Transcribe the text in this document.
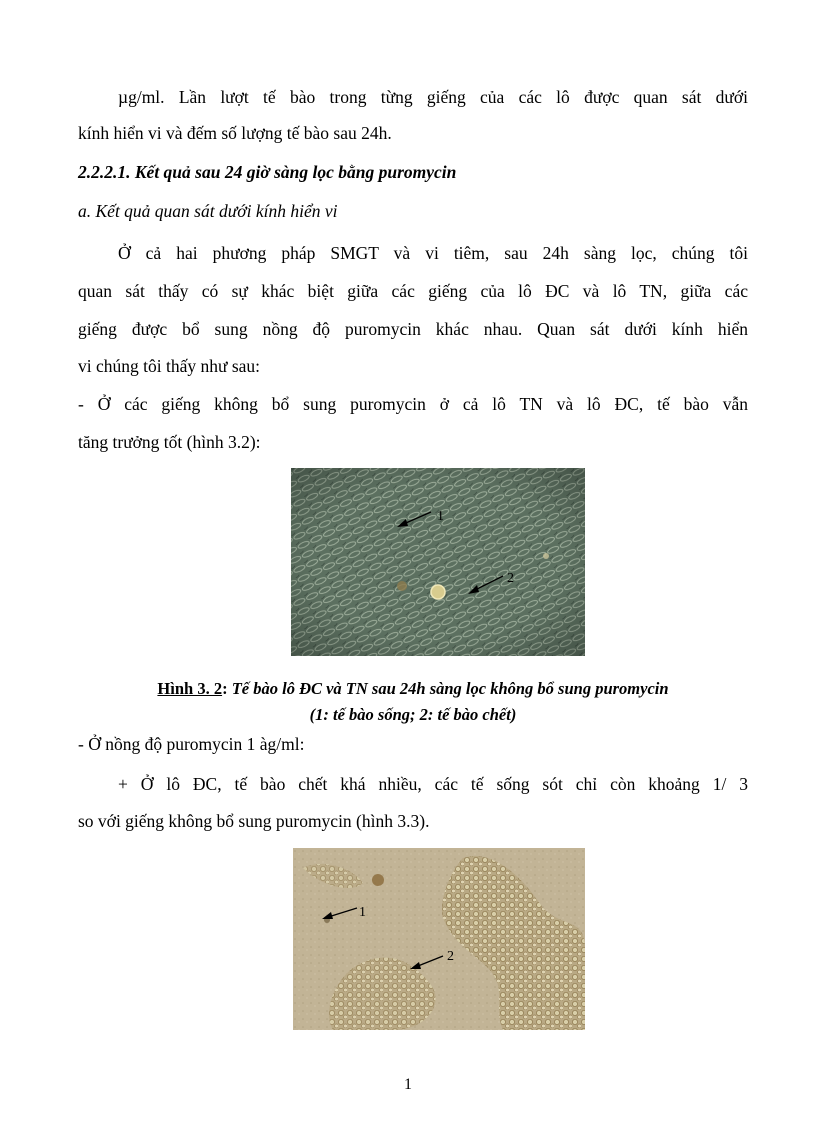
µg/ml. Lần lượt tế bào trong từng giếng của các lô được quan sát dưới
kính hiển vi và đếm số lượng tế bào sau 24h.
2.2.2.1. Kết quả sau 24 giờ sàng lọc bằng puromycin
a. Kết quả quan sát dưới kính hiển vi
Ở cả hai phương pháp SMGT và vi tiêm, sau 24h sàng lọc, chúng tôi
quan sát thấy có sự khác biệt giữa các giếng của lô ĐC và lô TN, giữa các
giếng được bổ sung nồng độ puromycin khác nhau. Quan sát dưới kính hiển
vi chúng tôi thấy như sau:
- Ở các giếng không bổ sung puromycin ở cả lô TN và lô ĐC, tế bào vẫn
tăng trưởng tốt (hình 3.2):
1
2
Hình 3. 2: Tế bào lô ĐC và TN sau 24h sàng lọc không bổ sung puromycin
(1: tế bào sống; 2: tế bào chết)
- Ở nồng độ puromycin 1 àg/ml:
+ Ở lô ĐC, tế bào chết khá nhiều, các tế sống sót chỉ còn khoảng 1/ 3
so với giếng không bổ sung puromycin (hình 3.3).
1
2
1
